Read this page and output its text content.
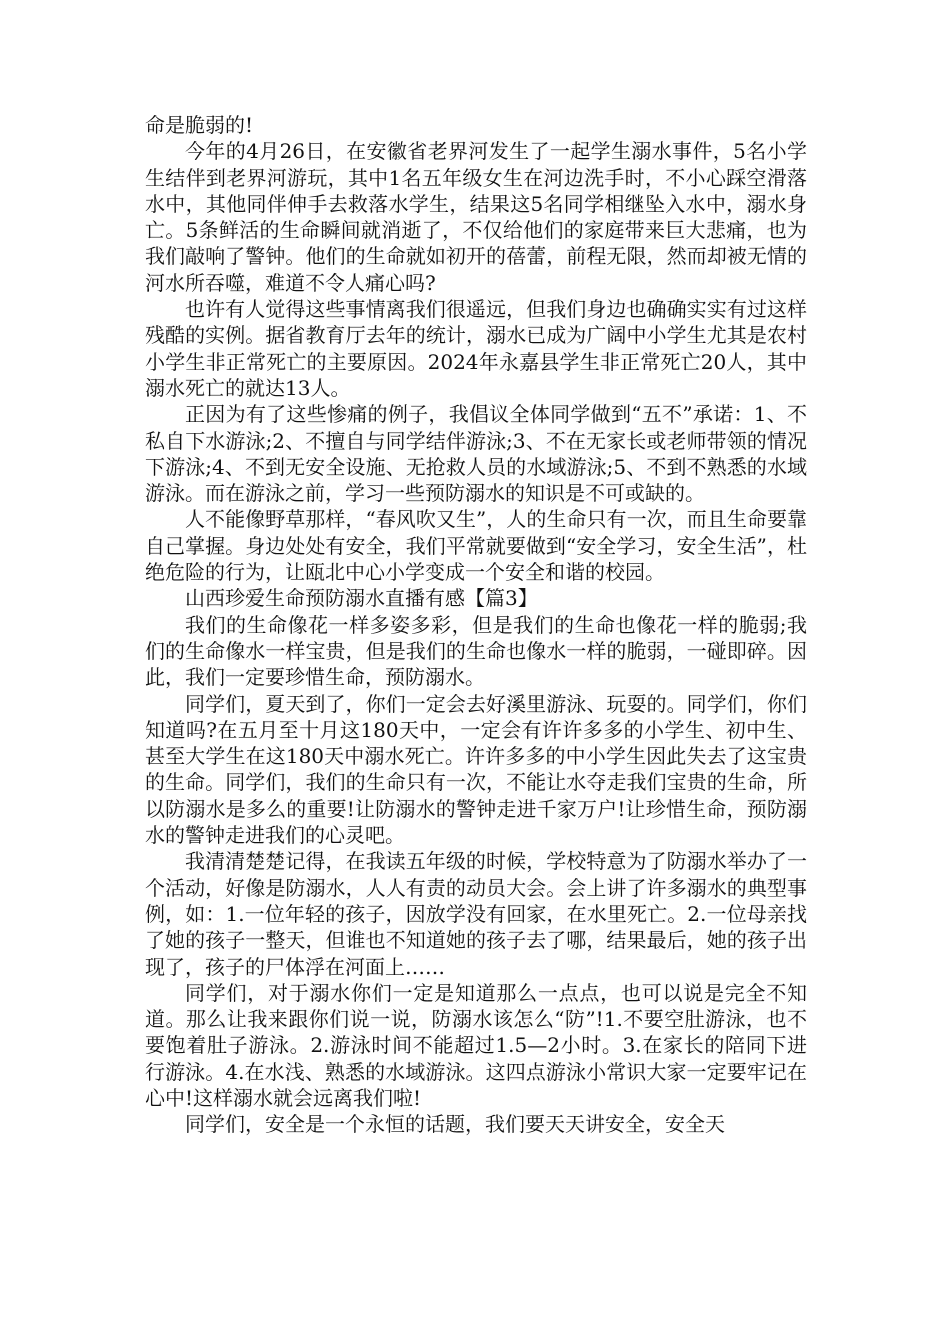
命是脆弱的!

今年的4月26日，在安徽省老界河发生了一起学生溺水事件，5名小学生结伴到老界河游玩，其中1名五年级女生在河边洗手时，不小心踩空滑落水中，其他同伴伸手去救落水学生，结果这5名同学相继坠入水中，溺水身亡。5条鲜活的生命瞬间就消逝了，不仅给他们的家庭带来巨大悲痛，也为我们敲响了警钟。他们的生命就如初开的蓓蕾，前程无限，然而却被无情的河水所吞噬，难道不令人痛心吗?

也许有人觉得这些事情离我们很遥远，但我们身边也确确实实有过这样残酷的实例。据省教育厅去年的统计，溺水已成为广阔中小学生尤其是农村小学生非正常死亡的主要原因。2024年永嘉县学生非正常死亡20人，其中溺水死亡的就达13人。

正因为有了这些惨痛的例子，我倡议全体同学做到“五不”承诺：1、不私自下水游泳;2、不擅自与同学结伴游泳;3、不在无家长或老师带领的情况下游泳;4、不到无安全设施、无抢救人员的水域游泳;5、不到不熟悉的水域游泳。而在游泳之前，学习一些预防溺水的知识是不可或缺的。

人不能像野草那样，“春风吹又生”，人的生命只有一次，而且生命要靠自己掌握。身边处处有安全，我们平常就要做到“安全学习，安全生活”，杜绝危险的行为，让瓯北中心小学变成一个安全和谐的校园。

山西珍爱生命预防溺水直播有感【篇3】

我们的生命像花一样多姿多彩，但是我们的生命也像花一样的脆弱;我们的生命像水一样宝贵，但是我们的生命也像水一样的脆弱，一碰即碎。因此，我们一定要珍惜生命，预防溺水。

同学们，夏天到了，你们一定会去好溪里游泳、玩耍的。同学们，你们知道吗?在五月至十月这180天中，一定会有许许多多的小学生、初中生、甚至大学生在这180天中溺水死亡。许许多多的中小学生因此失去了这宝贵的生命。同学们，我们的生命只有一次，不能让水夺走我们宝贵的生命，所以防溺水是多么的重要!让防溺水的警钟走进千家万户!让珍惜生命，预防溺水的警钟走进我们的心灵吧。

我清清楚楚记得，在我读五年级的时候，学校特意为了防溺水举办了一个活动，好像是防溺水，人人有责的动员大会。会上讲了许多溺水的典型事例，如：1.一位年轻的孩子，因放学没有回家，在水里死亡。2.一位母亲找了她的孩子一整天，但谁也不知道她的孩子去了哪，结果最后，她的孩子出现了，孩子的尸体浮在河面上……

同学们，对于溺水你们一定是知道那么一点点，也可以说是完全不知道。那么让我来跟你们说一说，防溺水该怎么“防”!1.不要空肚游泳，也不要饱着肚子游泳。2.游泳时间不能超过1.5—2小时。3.在家长的陪同下进行游泳。4.在水浅、熟悉的水域游泳。这四点游泳小常识大家一定要牢记在心中!这样溺水就会远离我们啦!

同学们，安全是一个永恒的话题，我们要天天讲安全，安全天
